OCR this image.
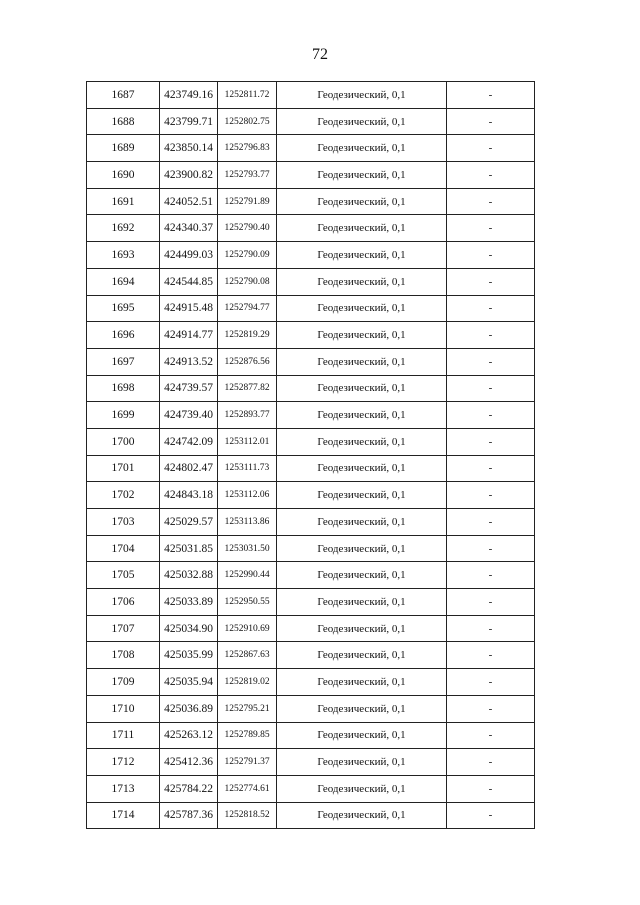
72
1687	423749.16	1252811.72	Геодезический, 0,1	-
1688	423799.71	1252802.75	Геодезический, 0,1	-
1689	423850.14	1252796.83	Геодезический, 0,1	-
1690	423900.82	1252793.77	Геодезический, 0,1	-
1691	424052.51	1252791.89	Геодезический, 0,1	-
1692	424340.37	1252790.40	Геодезический, 0,1	-
1693	424499.03	1252790.09	Геодезический, 0,1	-
1694	424544.85	1252790.08	Геодезический, 0,1	-
1695	424915.48	1252794.77	Геодезический, 0,1	-
1696	424914.77	1252819.29	Геодезический, 0,1	-
1697	424913.52	1252876.56	Геодезический, 0,1	-
1698	424739.57	1252877.82	Геодезический, 0,1	-
1699	424739.40	1252893.77	Геодезический, 0,1	-
1700	424742.09	1253112.01	Геодезический, 0,1	-
1701	424802.47	1253111.73	Геодезический, 0,1	-
1702	424843.18	1253112.06	Геодезический, 0,1	-
1703	425029.57	1253113.86	Геодезический, 0,1	-
1704	425031.85	1253031.50	Геодезический, 0,1	-
1705	425032.88	1252990.44	Геодезический, 0,1	-
1706	425033.89	1252950.55	Геодезический, 0,1	-
1707	425034.90	1252910.69	Геодезический, 0,1	-
1708	425035.99	1252867.63	Геодезический, 0,1	-
1709	425035.94	1252819.02	Геодезический, 0,1	-
1710	425036.89	1252795.21	Геодезический, 0,1	-
1711	425263.12	1252789.85	Геодезический, 0,1	-
1712	425412.36	1252791.37	Геодезический, 0,1	-
1713	425784.22	1252774.61	Геодезический, 0,1	-
1714	425787.36	1252818.52	Геодезический, 0,1	-
